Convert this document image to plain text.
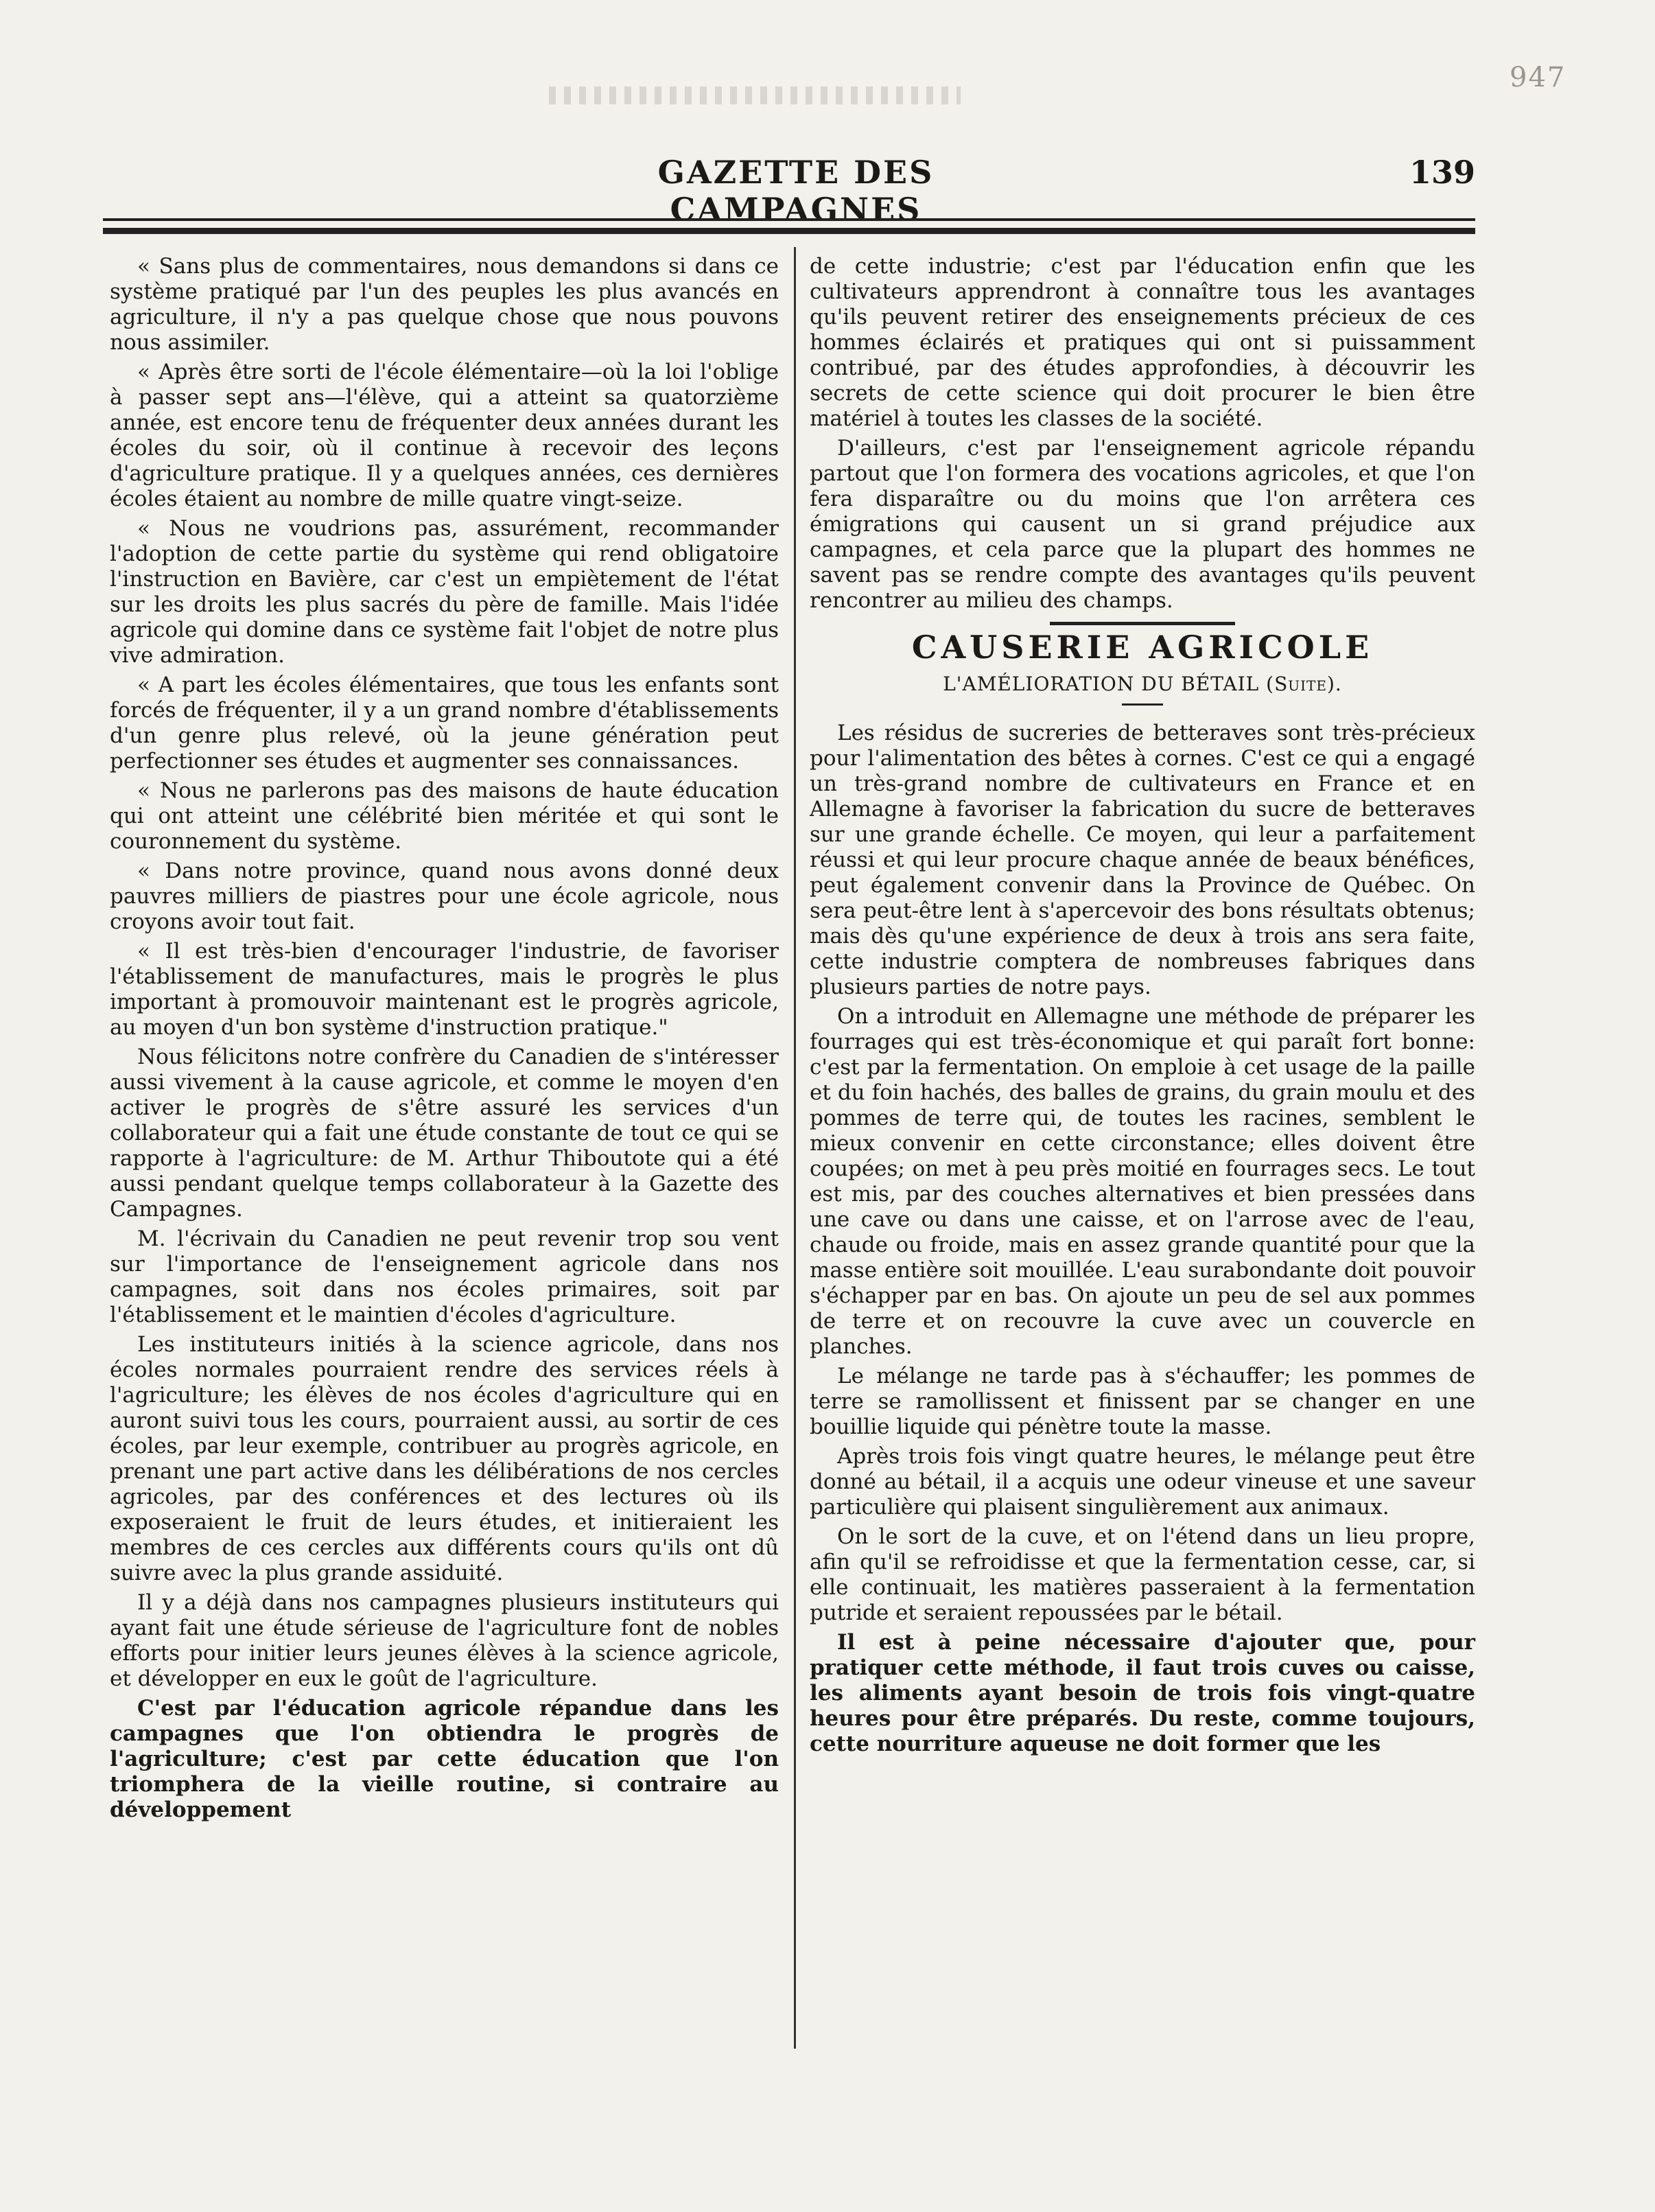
947
GAZETTE DES CAMPAGNES
139

« Sans plus de commentaires, nous demandons si dans ce système pratiqué par l'un des peuples les plus avancés en agriculture, il n'y a pas quelque chose que nous pouvons nous assimiler.

« Après être sorti de l'école élémentaire—où la loi l'oblige à passer sept ans—l'élève, qui a atteint sa quatorzième année, est encore tenu de fréquenter deux années durant les écoles du soir, où il continue à recevoir des leçons d'agriculture pratique. Il y a quelques années, ces dernières écoles étaient au nombre de mille quatre vingt-seize.

« Nous ne voudrions pas, assurément, recommander l'adoption de cette partie du système qui rend obligatoire l'instruction en Bavière, car c'est un empiètement de l'état sur les droits les plus sacrés du père de famille. Mais l'idée agricole qui domine dans ce système fait l'objet de notre plus vive admiration.

« A part les écoles élémentaires, que tous les enfants sont forcés de fréquenter, il y a un grand nombre d'établissements d'un genre plus relevé, où la jeune génération peut perfectionner ses études et augmenter ses connaissances.

« Nous ne parlerons pas des maisons de haute éducation qui ont atteint une célébrité bien méritée et qui sont le couronnement du système.

« Dans notre province, quand nous avons donné deux pauvres milliers de piastres pour une école agricole, nous croyons avoir tout fait.

« Il est très-bien d'encourager l'industrie, de favoriser l'établissement de manufactures, mais le progrès le plus important à promouvoir maintenant est le progrès agricole, au moyen d'un bon système d'instruction pratique."

Nous félicitons notre confrère du Canadien de s'intéresser aussi vivement à la cause agricole, et comme le moyen d'en activer le progrès de s'être assuré les services d'un collaborateur qui a fait une étude constante de tout ce qui se rapporte à l'agriculture: de M. Arthur Thiboutote qui a été aussi pendant quelque temps collaborateur à la Gazette des Campagnes.

M. l'écrivain du Canadien ne peut revenir trop sou vent sur l'importance de l'enseignement agricole dans nos campagnes, soit dans nos écoles primaires, soit par l'établissement et le maintien d'écoles d'agriculture.

Les instituteurs initiés à la science agricole, dans nos écoles normales pourraient rendre des services réels à l'agriculture; les élèves de nos écoles d'agriculture qui en auront suivi tous les cours, pourraient aussi, au sortir de ces écoles, par leur exemple, contribuer au progrès agricole, en prenant une part active dans les délibérations de nos cercles agricoles, par des conférences et des lectures où ils exposeraient le fruit de leurs études, et initieraient les membres de ces cercles aux différents cours qu'ils ont dû suivre avec la plus grande assiduité.

Il y a déjà dans nos campagnes plusieurs instituteurs qui ayant fait une étude sérieuse de l'agriculture font de nobles efforts pour initier leurs jeunes élèves à la science agricole, et développer en eux le goût de l'agriculture.

C'est par l'éducation agricole répandue dans les campagnes que l'on obtiendra le progrès de l'agriculture; c'est par cette éducation que l'on triomphera de la vieille routine, si contraire au développement

de cette industrie; c'est par l'éducation enfin que les cultivateurs apprendront à connaître tous les avantages qu'ils peuvent retirer des enseignements précieux de ces hommes éclairés et pratiques qui ont si puissamment contribué, par des études approfondies, à découvrir les secrets de cette science qui doit procurer le bien être matériel à toutes les classes de la société.

D'ailleurs, c'est par l'enseignement agricole répandu partout que l'on formera des vocations agricoles, et que l'on fera disparaître ou du moins que l'on arrêtera ces émigrations qui causent un si grand préjudice aux campagnes, et cela parce que la plupart des hommes ne savent pas se rendre compte des avantages qu'ils peuvent rencontrer au milieu des champs.

CAUSERIE AGRICOLE
L'AMÉLIORATION DU BÉTAIL (Suite).

Les résidus de sucreries de betteraves sont très-précieux pour l'alimentation des bêtes à cornes. C'est ce qui a engagé un très-grand nombre de cultivateurs en France et en Allemagne à favoriser la fabrication du sucre de betteraves sur une grande échelle. Ce moyen, qui leur a parfaitement réussi et qui leur procure chaque année de beaux bénéfices, peut également convenir dans la Province de Québec. On sera peut-être lent à s'apercevoir des bons résultats obtenus; mais dès qu'une expérience de deux à trois ans sera faite, cette industrie comptera de nombreuses fabriques dans plusieurs parties de notre pays.

On a introduit en Allemagne une méthode de préparer les fourrages qui est très-économique et qui paraît fort bonne: c'est par la fermentation. On emploie à cet usage de la paille et du foin hachés, des balles de grains, du grain moulu et des pommes de terre qui, de toutes les racines, semblent le mieux convenir en cette circonstance; elles doivent être coupées; on met à peu près moitié en fourrages secs. Le tout est mis, par des couches alternatives et bien pressées dans une cave ou dans une caisse, et on l'arrose avec de l'eau, chaude ou froide, mais en assez grande quantité pour que la masse entière soit mouillée. L'eau surabondante doit pouvoir s'échapper par en bas. On ajoute un peu de sel aux pommes de terre et on recouvre la cuve avec un couvercle en planches.

Le mélange ne tarde pas à s'échauffer; les pommes de terre se ramollissent et finissent par se changer en une bouillie liquide qui pénètre toute la masse.

Après trois fois vingt quatre heures, le mélange peut être donné au bétail, il a acquis une odeur vineuse et une saveur particulière qui plaisent singulièrement aux animaux.

On le sort de la cuve, et on l'étend dans un lieu propre, afin qu'il se refroidisse et que la fermentation cesse, car, si elle continuait, les matières passeraient à la fermentation putride et seraient repoussées par le bétail.

Il est à peine nécessaire d'ajouter que, pour pratiquer cette méthode, il faut trois cuves ou caisse, les aliments ayant besoin de trois fois vingt-quatre heures pour être préparés. Du reste, comme toujours, cette nourriture aqueuse ne doit former que les
